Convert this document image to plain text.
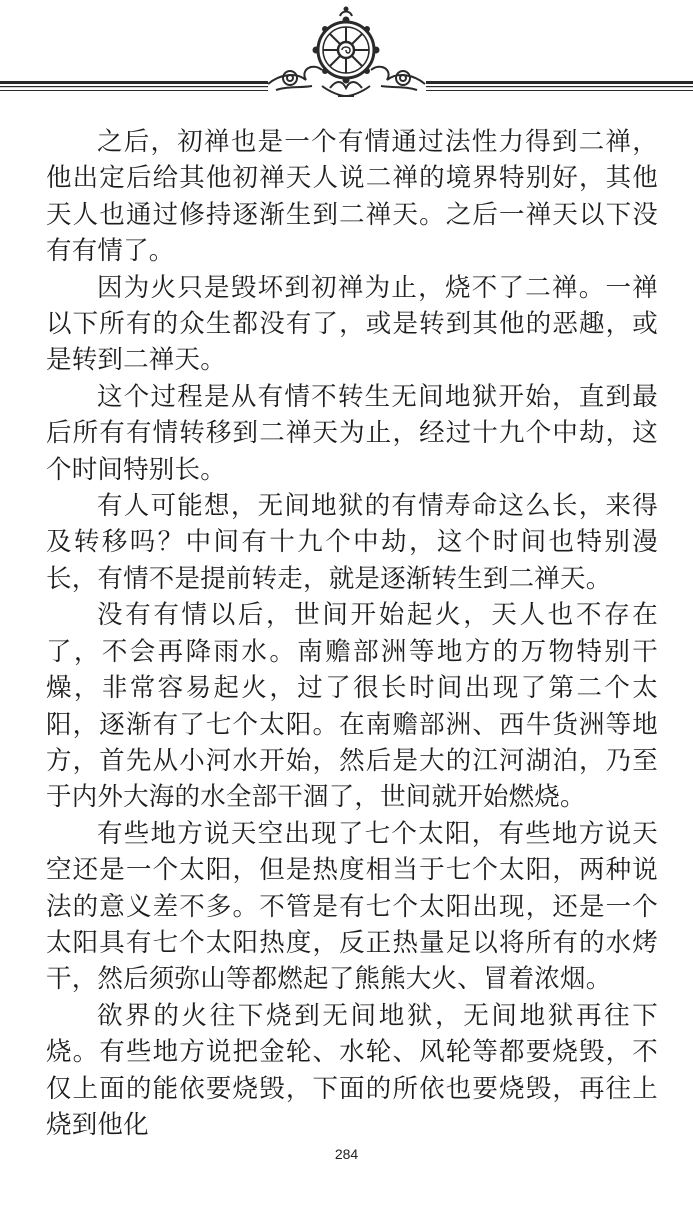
之后，初禅也是一个有情通过法性力得到二禅，他出定后给其他初禅天人说二禅的境界特别好，其他天人也通过修持逐渐生到二禅天。之后一禅天以下没有有情了。

因为火只是毁坏到初禅为止，烧不了二禅。一禅以下所有的众生都没有了，或是转到其他的恶趣，或是转到二禅天。

这个过程是从有情不转生无间地狱开始，直到最后所有有情转移到二禅天为止，经过十九个中劫，这个时间特别长。

有人可能想，无间地狱的有情寿命这么长，来得及转移吗？中间有十九个中劫，这个时间也特别漫长，有情不是提前转走，就是逐渐转生到二禅天。

没有有情以后，世间开始起火，天人也不存在了，不会再降雨水。南赡部洲等地方的万物特别干燥，非常容易起火，过了很长时间出现了第二个太阳，逐渐有了七个太阳。在南赡部洲、西牛货洲等地方，首先从小河水开始，然后是大的江河湖泊，乃至于内外大海的水全部干涸了，世间就开始燃烧。

有些地方说天空出现了七个太阳，有些地方说天空还是一个太阳，但是热度相当于七个太阳，两种说法的意义差不多。不管是有七个太阳出现，还是一个太阳具有七个太阳热度，反正热量足以将所有的水烤干，然后须弥山等都燃起了熊熊大火、冒着浓烟。

欲界的火往下烧到无间地狱，无间地狱再往下烧。有些地方说把金轮、水轮、风轮等都要烧毁，不仅上面的能依要烧毁，下面的所依也要烧毁，再往上烧到他化

284
